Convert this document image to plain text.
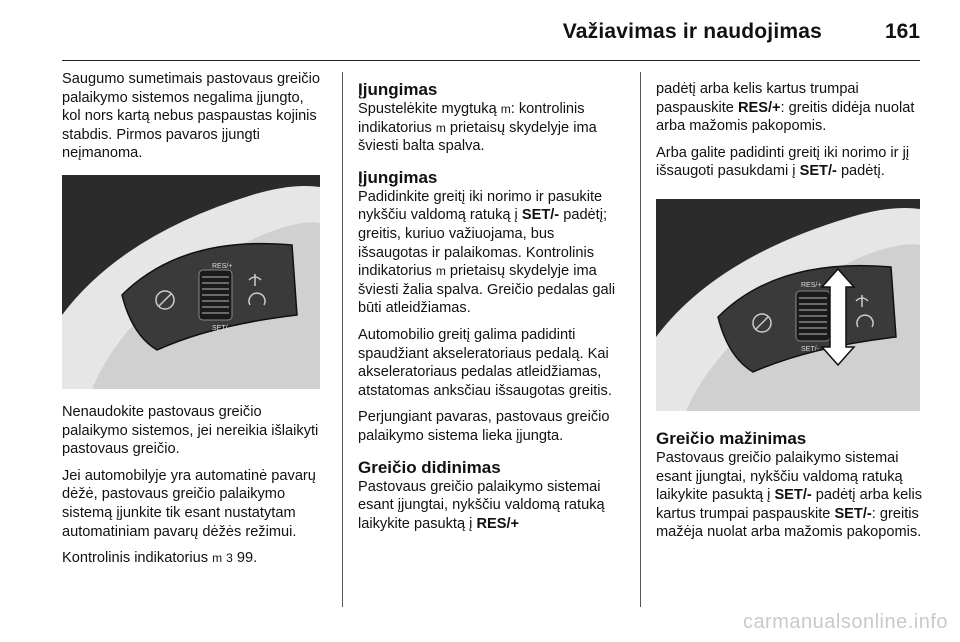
Važiavimas ir naudojimas	161

Saugumo sumetimais pastovaus greičio palaikymo sistemos negalima įjungto, kol nors kartą nebus paspaustas kojinis stabdis. Pirmos pavaros įjungti neįmanoma.

RES/+
SET/-

Nenaudokite pastovaus greičio palaikymo sistemos, jei nereikia išlaikyti pastovaus greičio.

Jei automobilyje yra automatinė pavarų dėžė, pastovaus greičio palaikymo sistemą įjunkite tik esant nustatytam automatiniam pavarų dėžės režimui.

Kontrolinis indikatorius m 3 99.

Įjungimas

Spustelėkite mygtuką m: kontrolinis indikatorius m prietaisų skydelyje ima šviesti balta spalva.

Įjungimas

Padidinkite greitį iki norimo ir pasukite nykščiu valdomą ratuką į SET/- padėtį; greitis, kuriuo važiuojama, bus išsaugotas ir palaikomas. Kontrolinis indikatorius m prietaisų skydelyje ima šviesti žalia spalva. Greičio pedalas gali būti atleidžiamas.

Automobilio greitį galima padidinti spaudžiant akseleratoriaus pedalą. Kai akseleratoriaus pedalas atleidžiamas, atstatomas anksčiau išsaugotas greitis.

Perjungiant pavaras, pastovaus greičio palaikymo sistema lieka įjungta.

Greičio didinimas

Pastovaus greičio palaikymo sistemai esant įjungtai, nykščiu valdomą ratuką laikykite pasuktą į RES/+

padėtį arba kelis kartus trumpai paspauskite RES/+: greitis didėja nuolat arba mažomis pakopomis.

Arba galite padidinti greitį iki norimo ir jį išsaugoti pasukdami į SET/- padėtį.

RES/+
SET/-
Greičio mažinimas

Pastovaus greičio palaikymo sistemai esant įjungtai, nykščiu valdomą ratuką laikykite pasuktą į SET/- padėtį arba kelis kartus trumpai paspauskite SET/-: greitis mažėja nuolat arba mažomis pakopomis.

carmanualsonline.info
